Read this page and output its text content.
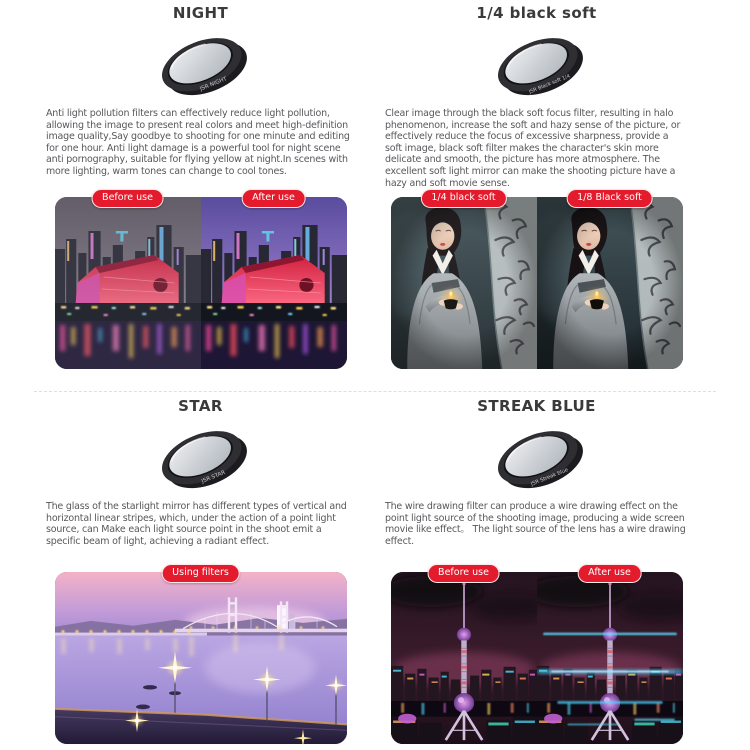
NIGHT
JSR NIGHT

Anti light pollution filters can effectively reduce light pollution, allowing the image to present real colors and meet high-definition image quality,Say goodbye to shooting for one minute and editing for one hour. Anti light damage is a powerful tool for night scene anti pornography, suitable for flying yellow at night.In scenes with more lighting, warm tones can change to cool tones.

Before use	After use
1/4 black soft
JSR Black soft 1/4

Clear image through the black soft focus filter, resulting in halo phenomenon, increase the soft and hazy sense of the picture, or effectively reduce the focus of excessive sharpness, provide a soft image, black soft filter makes the character's skin more delicate and smooth, the picture has more atmosphere. The excellent soft light mirror can make the shooting picture have a hazy and soft movie sense.

1/4 black soft	1/8 Black soft
STAR
JSR STAR

The glass of the starlight mirror has different types of vertical and horizontal linear stripes, which, under the action of a point light source, can Make each light source point in the shoot emit a specific beam of light, achieving a radiant effect.

Using filters
STREAK BLUE
JSR Streak blue

The wire drawing filter can produce a wire drawing effect on the point light source of the shooting image, producing a wide screen movie like effect。 The light source of the lens has a wire drawing effect.

Before use	After use
